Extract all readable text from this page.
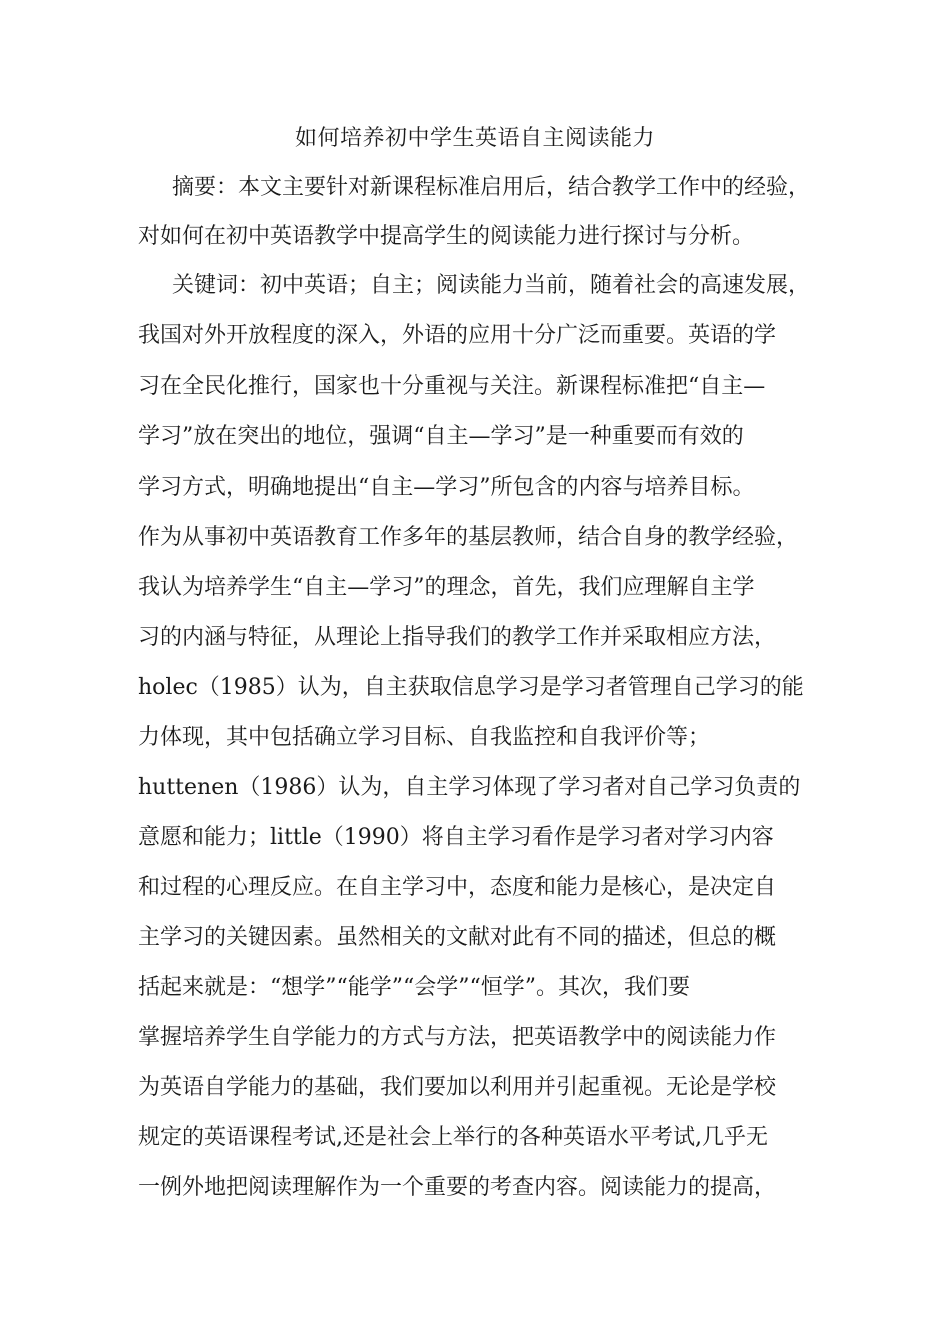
如何培养初中学生英语自主阅读能力
摘要：本文主要针对新课程标准启用后，结合教学工作中的经验，
对如何在初中英语教学中提高学生的阅读能力进行探讨与分析。
关键词：初中英语；自主；阅读能力当前，随着社会的高速发展，
我国对外开放程度的深入，外语的应用十分广泛而重要。英语的学
习在全民化推行，国家也十分重视与关注。新课程标准把“自主—
学习”放在突出的地位，强调“自主—学习”是一种重要而有效的
学习方式，明确地提出“自主—学习”所包含的内容与培养目标。
作为从事初中英语教育工作多年的基层教师，结合自身的教学经验，
我认为培养学生“自主—学习”的理念，首先，我们应理解自主学
习的内涵与特征，从理论上指导我们的教学工作并采取相应方法，
holec（1985）认为，自主获取信息学习是学习者管理自己学习的能
力体现，其中包括确立学习目标、自我监控和自我评价等；
huttenen（1986）认为，自主学习体现了学习者对自己学习负责的
意愿和能力；little（1990）将自主学习看作是学习者对学习内容
和过程的心理反应。在自主学习中，态度和能力是核心，是决定自
主学习的关键因素。虽然相关的文献对此有不同的描述，但总的概
括起来就是：“想学”“能学”“会学”“恒学”。其次，我们要
掌握培养学生自学能力的方式与方法，把英语教学中的阅读能力作
为英语自学能力的基础，我们要加以利用并引起重视。无论是学校
规定的英语课程考试,还是社会上举行的各种英语水平考试,几乎无
一例外地把阅读理解作为一个重要的考查内容。阅读能力的提高，
